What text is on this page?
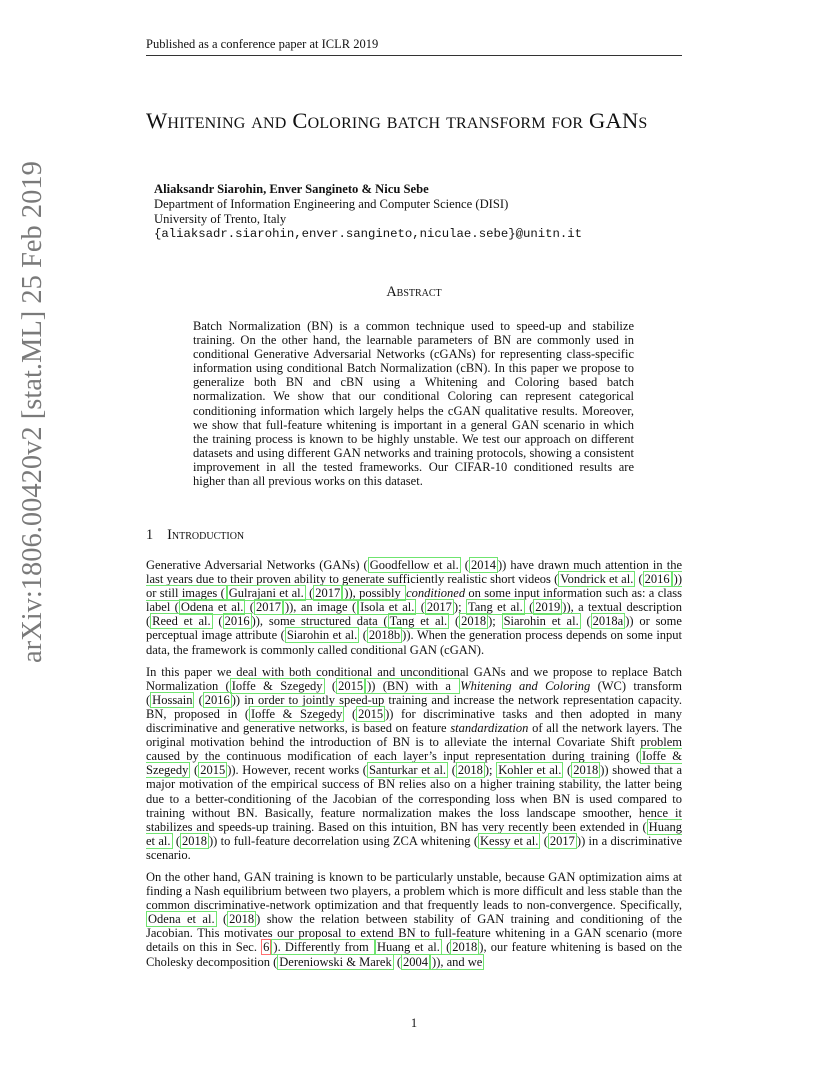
Published as a conference paper at ICLR 2019
arXiv:1806.00420v2 [stat.ML] 25 Feb 2019
Whitening and Coloring batch transform for GANs
Aliaksandr Siarohin, Enver Sangineto & Nicu Sebe
Department of Information Engineering and Computer Science (DISI)
University of Trento, Italy
{aliaksadr.siarohin,enver.sangineto,niculae.sebe}@unitn.it
Abstract
Batch Normalization (BN) is a common technique used to speed-up and stabilize training. On the other hand, the learnable parameters of BN are commonly used in conditional Generative Adversarial Networks (cGANs) for representing class-specific information using conditional Batch Normalization (cBN). In this paper we propose to generalize both BN and cBN using a Whitening and Coloring based batch normalization. We show that our conditional Coloring can represent categorical conditioning information which largely helps the cGAN qualitative results. Moreover, we show that full-feature whitening is important in a general GAN scenario in which the training process is known to be highly unstable. We test our approach on different datasets and using different GAN networks and training protocols, showing a consistent improvement in all the tested frameworks. Our CIFAR-10 conditioned results are higher than all previous works on this dataset.
1 Introduction

Generative Adversarial Networks (GANs) ( Goodfellow et al. ( 2014 )) have drawn much attention in the last years due to their proven ability to generate sufficiently realistic short videos ( Vondrick et al. ( 2016 )) or still images ( Gulrajani et al. ( 2017 )), possibly conditioned on some input information such as: a class label ( Odena et al. ( 2017 )), an image ( Isola et al. ( 2017 ); Tang et al. ( 2019 )), a textual description ( Reed et al. ( 2016 )), some structured data ( Tang et al. ( 2018 ); Siarohin et al. ( 2018a )) or some perceptual image attribute ( Siarohin et al. ( 2018b )). When the generation process depends on some input data, the framework is commonly called conditional GAN (cGAN).

In this paper we deal with both conditional and unconditional GANs and we propose to replace Batch Normalization ( Ioffe & Szegedy ( 2015 )) (BN) with a Whitening and Coloring (WC) transform ( Hossain ( 2016 )) in order to jointly speed-up training and increase the network representation capacity. BN, proposed in ( Ioffe & Szegedy ( 2015 )) for discriminative tasks and then adopted in many discriminative and generative networks, is based on feature standardization of all the network layers. The original motivation behind the introduction of BN is to alleviate the internal Covariate Shift problem caused by the continuous modification of each layer’s input representation during training ( Ioffe & Szegedy ( 2015 )). However, recent works ( Santurkar et al. ( 2018 ); Kohler et al. ( 2018 )) showed that a major motivation of the empirical success of BN relies also on a higher training stability, the latter being due to a better-conditioning of the Jacobian of the corresponding loss when BN is used compared to training without BN. Basically, feature normalization makes the loss landscape smoother, hence it stabilizes and speeds-up training. Based on this intuition, BN has very recently been extended in ( Huang et al. ( 2018 )) to full-feature decorrelation using ZCA whitening ( Kessy et al. ( 2017 )) in a discriminative scenario.

On the other hand, GAN training is known to be particularly unstable, because GAN optimization aims at finding a Nash equilibrium between two players, a problem which is more difficult and less stable than the common discriminative-network optimization and that frequently leads to non-convergence. Specifically, Odena et al. ( 2018 ) show the relation between stability of GAN training and conditioning of the Jacobian. This motivates our proposal to extend BN to full-feature whitening in a GAN scenario (more details on this in Sec. 6 ). Differently from Huang et al. ( 2018 ), our feature whitening is based on the Cholesky decomposition ( Dereniowski & Marek ( 2004 )), and we

1
